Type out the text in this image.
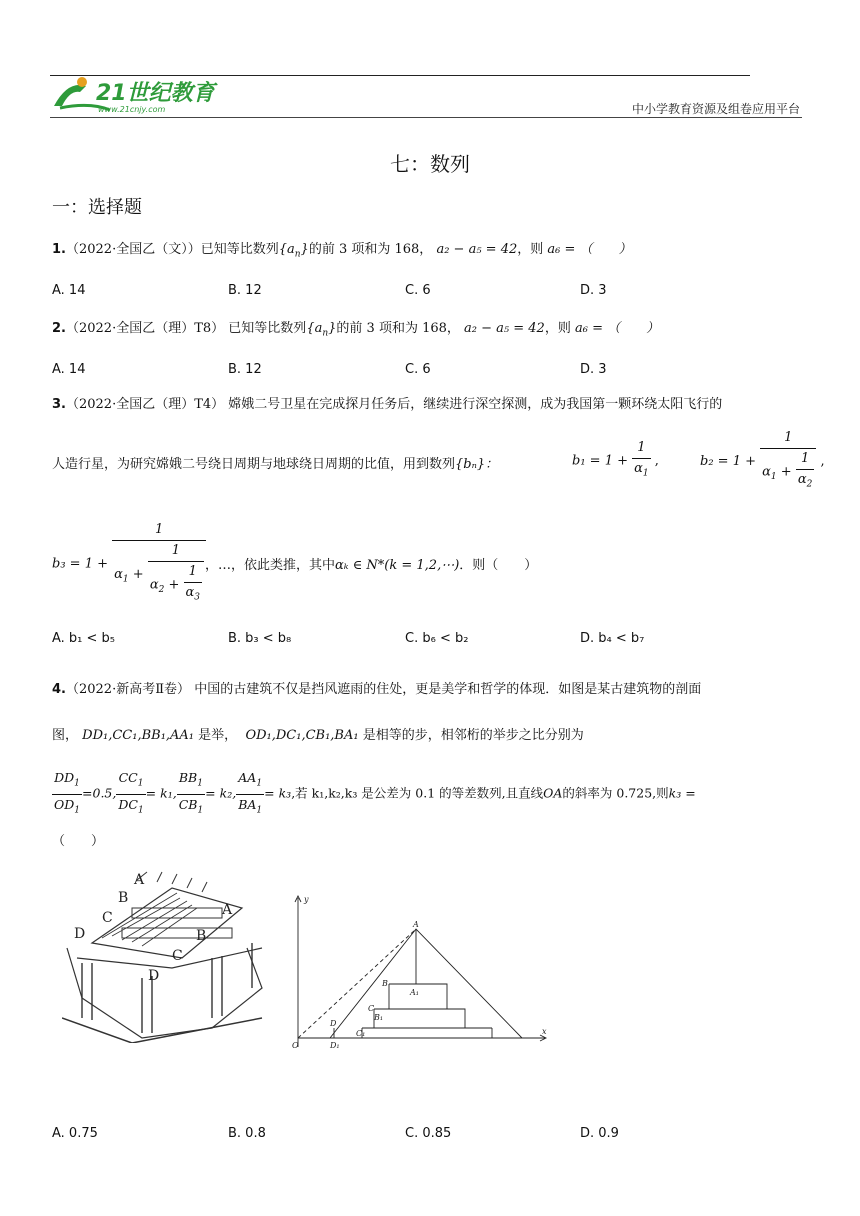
21世纪教育
www.21cnjy.com	中小学教育资源及组卷应用平台
七：数列
一：选择题
1.（2022·全国乙（文））已知等比数列$\{a_n\}$的前 3 项和为 168， a₂ − a₅ = 42，则 a₆ = （　　）
A. 14	B. 12	C. 6	D. 3
2.（2022·全国乙（理）T8） 已知等比数列$\{a_n\}$的前 3 项和为 168， a₂ − a₅ = 42，则 a₆ = （　　）
A. 14	B. 12	C. 6	D. 3
3.（2022·全国乙（理）T4） 嫦娥二号卫星在完成探月任务后，继续进行深空探测，成为我国第一颗环绕太阳飞行的
人造行星，为研究嫦娥二号绕日周期与地球绕日周期的比值，用到数列{bₙ}：	$b_1 = 1 + \frac{1}{\alpha_1}$ ,	$b_2 = 1 + \frac{1}{\alpha_1 + \frac{1}{\alpha_2}}$ ,
$b_3 = 1 + \frac{1}{\alpha_1 + \frac{1}{\alpha_2 + \frac{1}{\alpha_3}}}$
，…，依此类推，其中αₖ ∈ N*(k = 1,2,⋯)．则（　　）
A. b₁ < b₅	B. b₃ < b₈	C. b₆ < b₂	D. b₄ < b₇
4.（2022·新高考Ⅱ卷） 中国的古建筑不仅是挡风遮雨的住处，更是美学和哲学的体现．如图是某古建筑物的剖面
图， DD₁,CC₁,BB₁,AA₁ 是举， OD₁,DC₁,CB₁,BA₁ 是相等的步，相邻桁的举步之比分别为
$\frac{DD_1}{OD_1} =0.5$, $\frac{CC_1}{DC_1} = k_1$, $\frac{BB_1}{CB_1} = k_2$, $\frac{AA_1}{BA_1} = k_3$,若 k₁,k₂,k₃ 是公差为 0.1 的等差数列,且直线OA的斜率为 0.725,则k₃ =
（　　）
A
B
C
D
A
B
C
D
y
x
O
A
B
C
D
A₁
B₁
C₁
D₁
A. 0.75	B. 0.8	C. 0.85	D. 0.9
